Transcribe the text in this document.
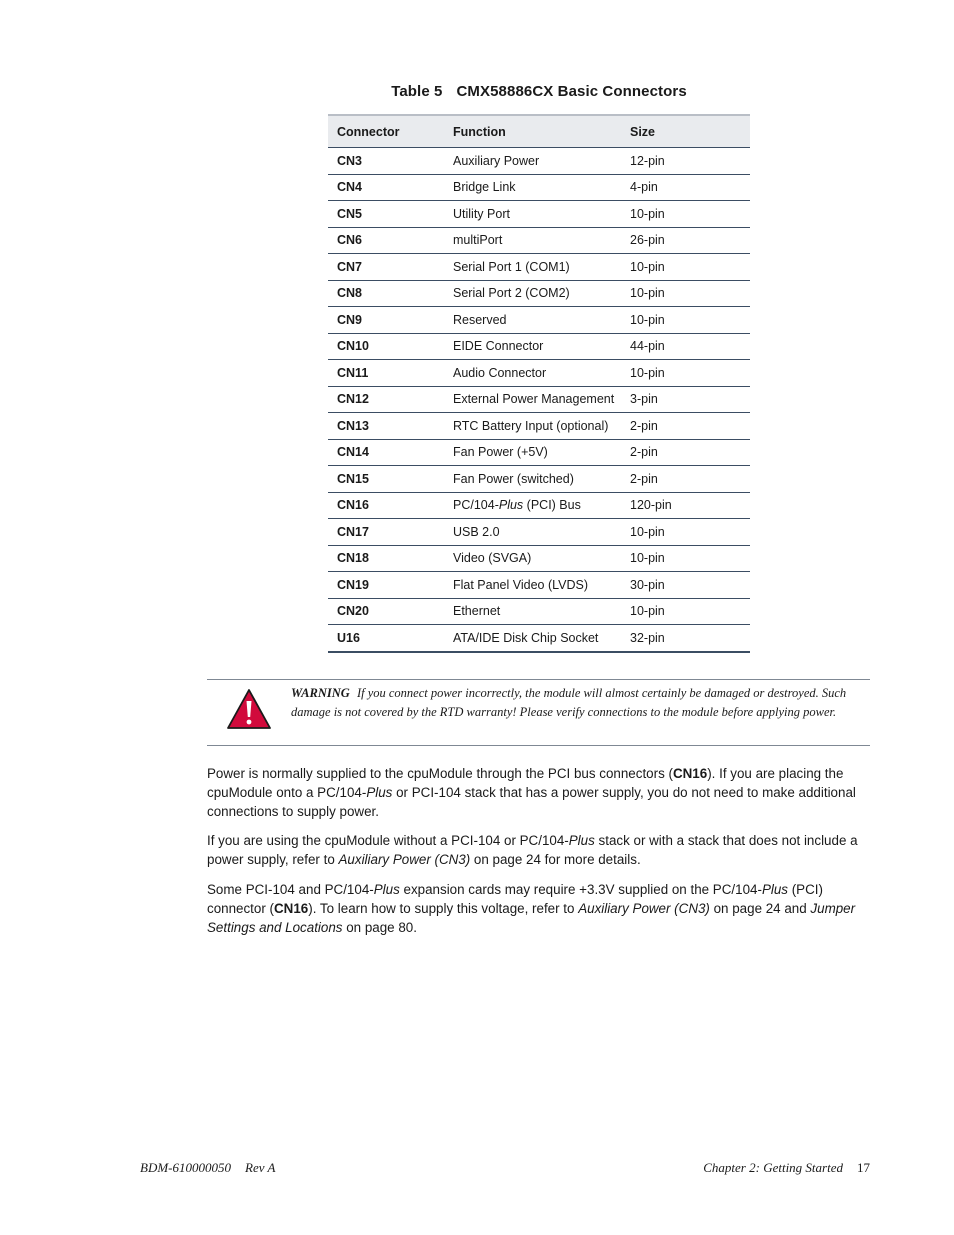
Table 5 CMX58886CX Basic Connectors
Connector	Function	Size
CN3	Auxiliary Power	12-pin
CN4	Bridge Link	4-pin
CN5	Utility Port	10-pin
CN6	multiPort	26-pin
CN7	Serial Port 1 (COM1)	10-pin
CN8	Serial Port 2 (COM2)	10-pin
CN9	Reserved	10-pin
CN10	EIDE Connector	44-pin
CN11	Audio Connector	10-pin
CN12	External Power Management	3-pin
CN13	RTC Battery Input (optional)	2-pin
CN14	Fan Power (+5V)	2-pin
CN15	Fan Power (switched)	2-pin
CN16	PC/104-Plus (PCI) Bus	120-pin
CN17	USB 2.0	10-pin
CN18	Video (SVGA)	10-pin
CN19	Flat Panel Video (LVDS)	30-pin
CN20	Ethernet	10-pin
U16	ATA/IDE Disk Chip Socket	32-pin
WARNING If you connect power incorrectly, the module will almost certainly be damaged or destroyed. Such damage is not covered by the RTD warranty! Please verify connections to the module before applying power.

Power is normally supplied to the cpuModule through the PCI bus connectors (CN16). If you are placing the cpuModule onto a PC/104-Plus or PCI-104 stack that has a power supply, you do not need to make additional connections to supply power.

If you are using the cpuModule without a PCI-104 or PC/104-Plus stack or with a stack that does not include a power supply, refer to Auxiliary Power (CN3) on page 24 for more details.

Some PCI-104 and PC/104-Plus expansion cards may require +3.3V supplied on the PC/104-Plus (PCI) connector (CN16). To learn how to supply this voltage, refer to Auxiliary Power (CN3) on page 24 and Jumper Settings and Locations on page 80.

BDM-610000050 Rev A	Chapter 2: Getting Started 17
